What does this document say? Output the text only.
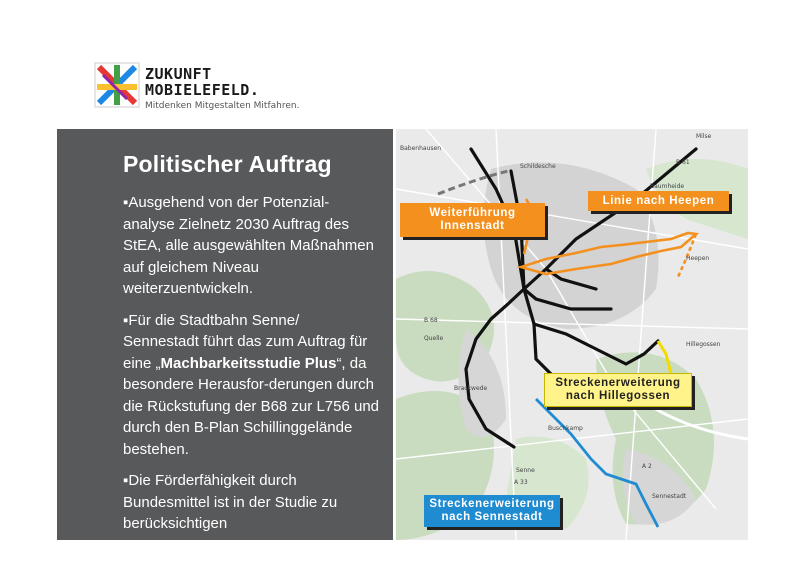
ZUKUNFT
MOBIELEFELD.
Mitdenken Mitgestalten Mitfahren.
Politischer Auftrag

▪Ausgehend von der Potenzial-analyse Zielnetz 2030 Auftrag des StEA, alle ausgewählten Maßnahmen auf gleichem Niveau weiterzuentwickeln.

▪Für die Stadtbahn Senne/ Sennestadt führt das zum Auftrag für eine „Machbarkeitsstudie Plus“, da besondere Herausfor-derungen durch die Rückstufung der B68 zur L756 und durch den B-Plan Schillinggelände bestehen.

▪Die Förderfähigkeit durch Bundesmittel ist in der Studie zu berücksichtigen

Babenhausen
Milse
Schildesche
Baumheide
Heepen
Hillegossen
Quelle
Brackwede
Buschkamp
Senne
Sennestadt
B 68
A 33
A 2
B 61
Weiterführung
Innenstadt
Linie nach Heepen
Streckenerweiterung
nach Hillegossen
Streckenerweiterung
nach Sennestadt
